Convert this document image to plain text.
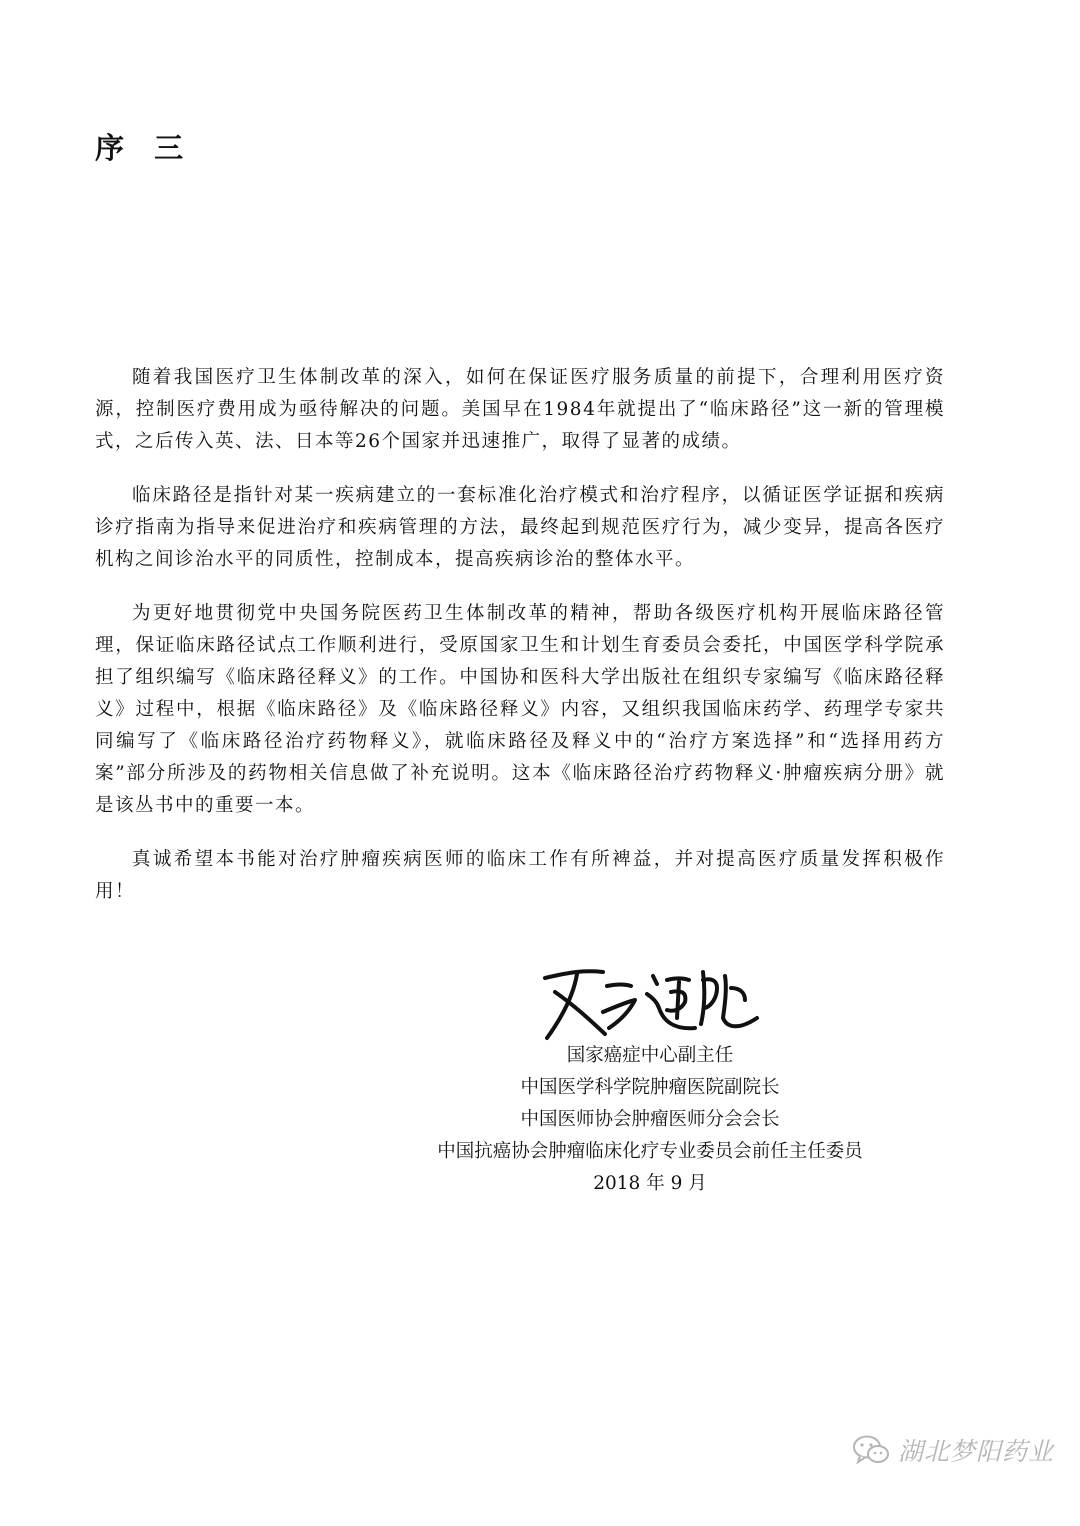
序 三

随着我国医疗卫生体制改革的深入，如何在保证医疗服务质量的前提下，合理利用医疗资源，控制医疗费用成为亟待解决的问题。美国早在1984年就提出了“临床路径”这一新的管理模式，之后传入英、法、日本等26个国家并迅速推广，取得了显著的成绩。

临床路径是指针对某一疾病建立的一套标准化治疗模式和治疗程序，以循证医学证据和疾病诊疗指南为指导来促进治疗和疾病管理的方法，最终起到规范医疗行为，减少变异，提高各医疗机构之间诊治水平的同质性，控制成本，提高疾病诊治的整体水平。

为更好地贯彻党中央国务院医药卫生体制改革的精神，帮助各级医疗机构开展临床路径管理，保证临床路径试点工作顺利进行，受原国家卫生和计划生育委员会委托，中国医学科学院承担了组织编写《临床路径释义》的工作。中国协和医科大学出版社在组织专家编写《临床路径释义》过程中，根据《临床路径》及《临床路径释义》内容，又组织我国临床药学、药理学专家共同编写了《临床路径治疗药物释义》，就临床路径及释义中的“治疗方案选择”和“选择用药方案”部分所涉及的药物相关信息做了补充说明。这本《临床路径治疗药物释义·肿瘤疾病分册》就是该丛书中的重要一本。

真诚希望本书能对治疗肿瘤疾病医师的临床工作有所裨益，并对提高医疗质量发挥积极作用！

国家癌症中心副主任
中国医学科学院肿瘤医院副院长
中国医师协会肿瘤医师分会会长
中国抗癌协会肿瘤临床化疗专业委员会前任主任委员
2018 年 9 月
湖北梦阳药业
